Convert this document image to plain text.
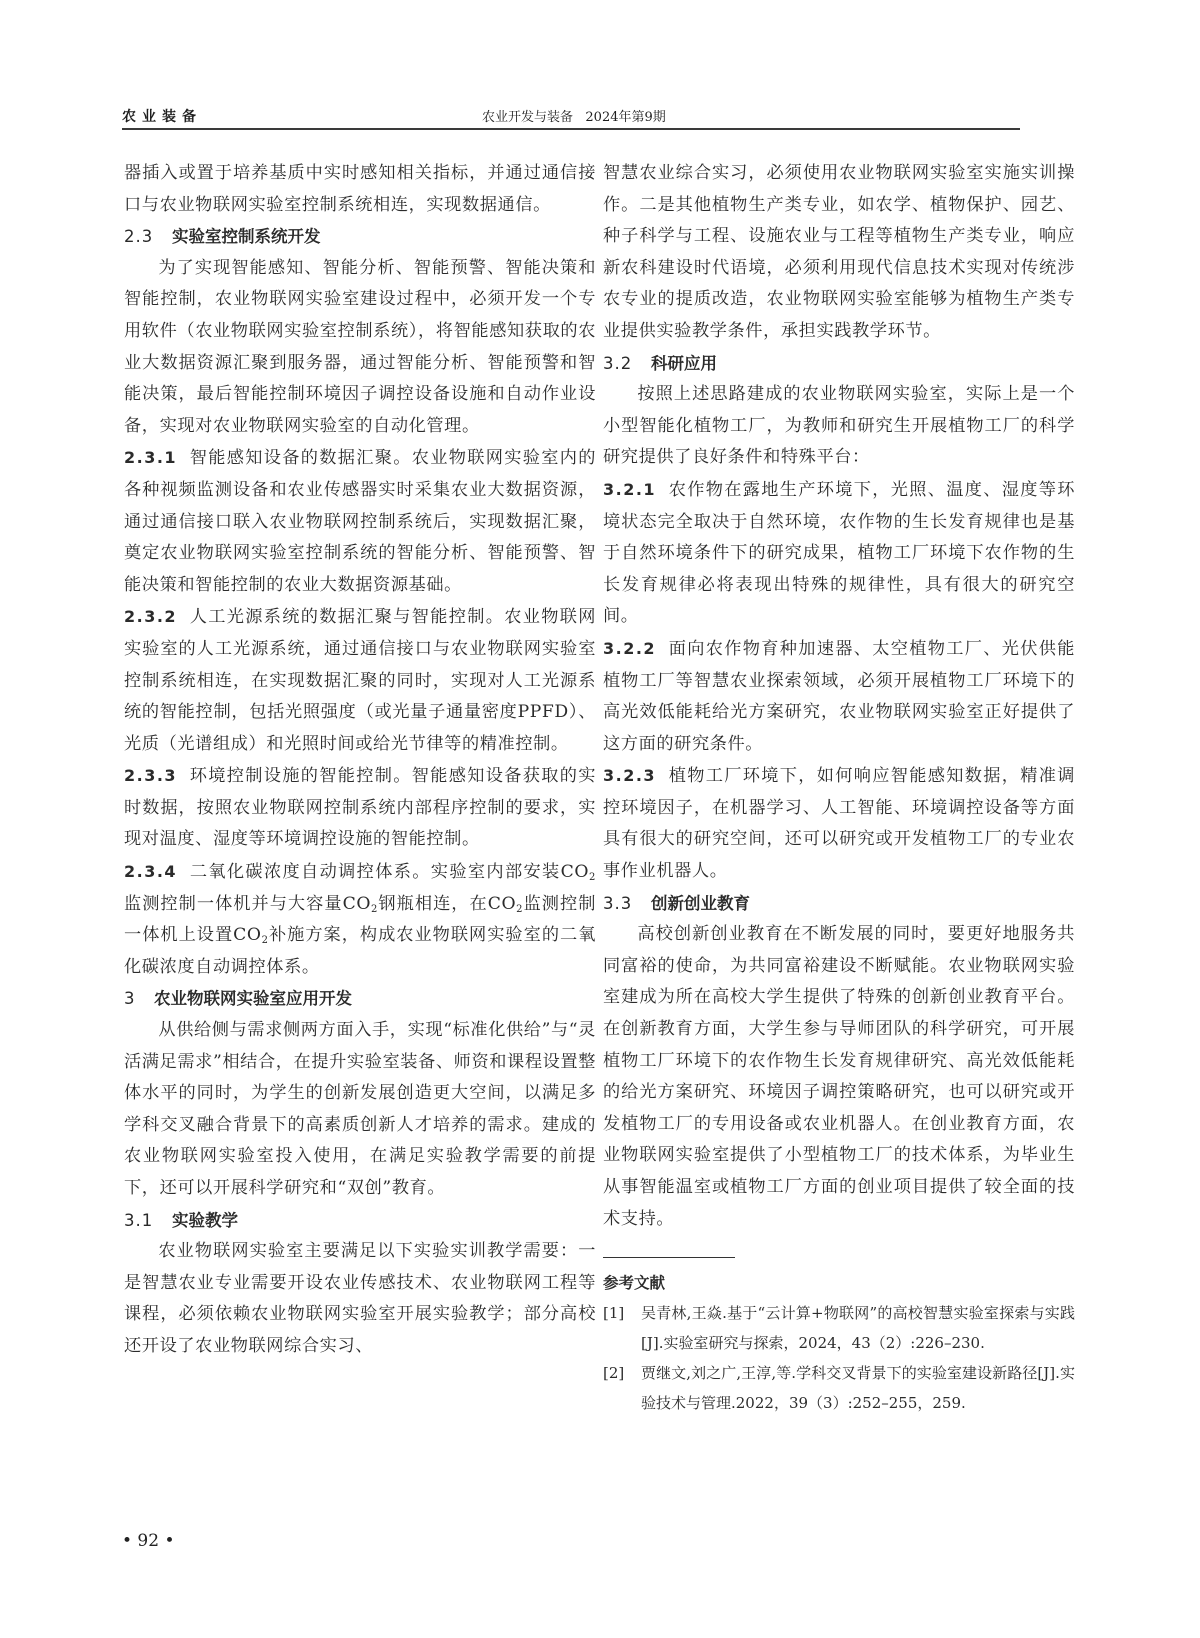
农业装备	农业开发与装备   2024年第9期

器插入或置于培养基质中实时感知相关指标，并通过通信接口与农业物联网实验室控制系统相连，实现数据通信。

2.3 实验室控制系统开发

为了实现智能感知、智能分析、智能预警、智能决策和智能控制，农业物联网实验室建设过程中，必须开发一个专用软件（农业物联网实验室控制系统），将智能感知获取的农业大数据资源汇聚到服务器，通过智能分析、智能预警和智能决策，最后智能控制环境因子调控设备设施和自动作业设备，实现对农业物联网实验室的自动化管理。

2.3.1 智能感知设备的数据汇聚。农业物联网实验室内的各种视频监测设备和农业传感器实时采集农业大数据资源，通过通信接口联入农业物联网控制系统后，实现数据汇聚，奠定农业物联网实验室控制系统的智能分析、智能预警、智能决策和智能控制的农业大数据资源基础。

2.3.2 人工光源系统的数据汇聚与智能控制。农业物联网实验室的人工光源系统，通过通信接口与农业物联网实验室控制系统相连，在实现数据汇聚的同时，实现对人工光源系统的智能控制，包括光照强度（或光量子通量密度PPFD）、光质（光谱组成）和光照时间或给光节律等的精准控制。

2.3.3 环境控制设施的智能控制。智能感知设备获取的实时数据，按照农业物联网控制系统内部程序控制的要求，实现对温度、湿度等环境调控设施的智能控制。

2.3.4 二氧化碳浓度自动调控体系。实验室内部安装$CO_2$监测控制一体机并与大容量$CO_2$钢瓶相连，在$CO_2$监测控制一体机上设置$CO_2$补施方案，构成农业物联网实验室的二氧化碳浓度自动调控体系。

3 农业物联网实验室应用开发

从供给侧与需求侧两方面入手，实现“标准化供给”与“灵活满足需求”相结合，在提升实验室装备、师资和课程设置整体水平的同时，为学生的创新发展创造更大空间，以满足多学科交叉融合背景下的高素质创新人才培养的需求。建成的农业物联网实验室投入使用，在满足实验教学需要的前提下，还可以开展科学研究和“双创”教育。

3.1 实验教学

农业物联网实验室主要满足以下实验实训教学需要：一是智慧农业专业需要开设农业传感技术、农业物联网工程等课程，必须依赖农业物联网实验室开展实验教学；部分高校还开设了农业物联网综合实习、

智慧农业综合实习，必须使用农业物联网实验室实施实训操作。二是其他植物生产类专业，如农学、植物保护、园艺、种子科学与工程、设施农业与工程等植物生产类专业，响应新农科建设时代语境，必须利用现代信息技术实现对传统涉农专业的提质改造，农业物联网实验室能够为植物生产类专业提供实验教学条件，承担实践教学环节。

3.2 科研应用

按照上述思路建成的农业物联网实验室，实际上是一个小型智能化植物工厂，为教师和研究生开展植物工厂的科学研究提供了良好条件和特殊平台：

3.2.1 农作物在露地生产环境下，光照、温度、湿度等环境状态完全取决于自然环境，农作物的生长发育规律也是基于自然环境条件下的研究成果，植物工厂环境下农作物的生长发育规律必将表现出特殊的规律性，具有很大的研究空间。

3.2.2 面向农作物育种加速器、太空植物工厂、光伏供能植物工厂等智慧农业探索领域，必须开展植物工厂环境下的高光效低能耗给光方案研究，农业物联网实验室正好提供了这方面的研究条件。

3.2.3 植物工厂环境下，如何响应智能感知数据，精准调控环境因子，在机器学习、人工智能、环境调控设备等方面具有很大的研究空间，还可以研究或开发植物工厂的专业农事作业机器人。

3.3 创新创业教育

高校创新创业教育在不断发展的同时，要更好地服务共同富裕的使命，为共同富裕建设不断赋能。农业物联网实验室建成为所在高校大学生提供了特殊的创新创业教育平台。在创新教育方面，大学生参与导师团队的科学研究，可开展植物工厂环境下的农作物生长发育规律研究、高光效低能耗的给光方案研究、环境因子调控策略研究，也可以研究或开发植物工厂的专用设备或农业机器人。在创业教育方面，农业物联网实验室提供了小型植物工厂的技术体系，为毕业生从事智能温室或植物工厂方面的创业项目提供了较全面的技术支持。

参考文献

[1] 吴青林,王焱.基于“云计算+物联网”的高校智慧实验室探索与实践[J].实验室研究与探索，2024，43（2）:226–230.

[2] 贾继文,刘之广,王淳,等.学科交叉背景下的实验室建设新路径[J].实验技术与管理.2022，39（3）:252–255，259.

• 92 •
